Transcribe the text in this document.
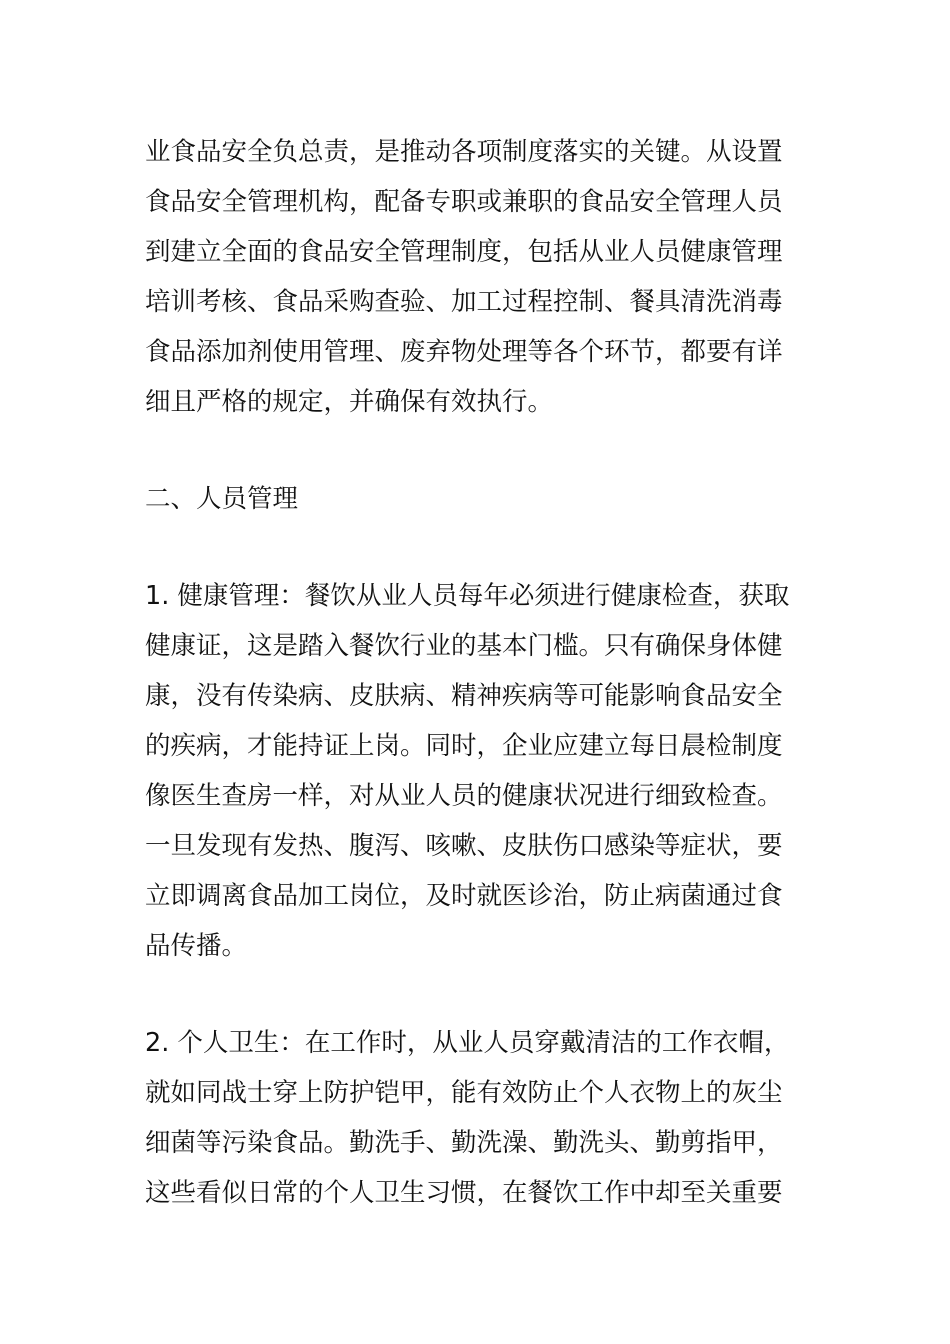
业食品安全负总责，是推动各项制度落实的关键。从设置
食品安全管理机构，配备专职或兼职的食品安全管理人员
到建立全面的食品安全管理制度，包括从业人员健康管理
培训考核、食品采购查验、加工过程控制、餐具清洗消毒
食品添加剂使用管理、废弃物处理等各个环节，都要有详
细且严格的规定，并确保有效执行。
二、人员管理
1. 健康管理：餐饮从业人员每年必须进行健康检查，获取
健康证，这是踏入餐饮行业的基本门槛。只有确保身体健
康，没有传染病、皮肤病、精神疾病等可能影响食品安全
的疾病，才能持证上岗。同时，企业应建立每日晨检制度
像医生查房一样，对从业人员的健康状况进行细致检查。
一旦发现有发热、腹泻、咳嗽、皮肤伤口感染等症状，要
立即调离食品加工岗位，及时就医诊治，防止病菌通过食
品传播。
2. 个人卫生：在工作时，从业人员穿戴清洁的工作衣帽，
就如同战士穿上防护铠甲，能有效防止个人衣物上的灰尘
细菌等污染食品。勤洗手、勤洗澡、勤洗头、勤剪指甲，
这些看似日常的个人卫生习惯，在餐饮工作中却至关重要
